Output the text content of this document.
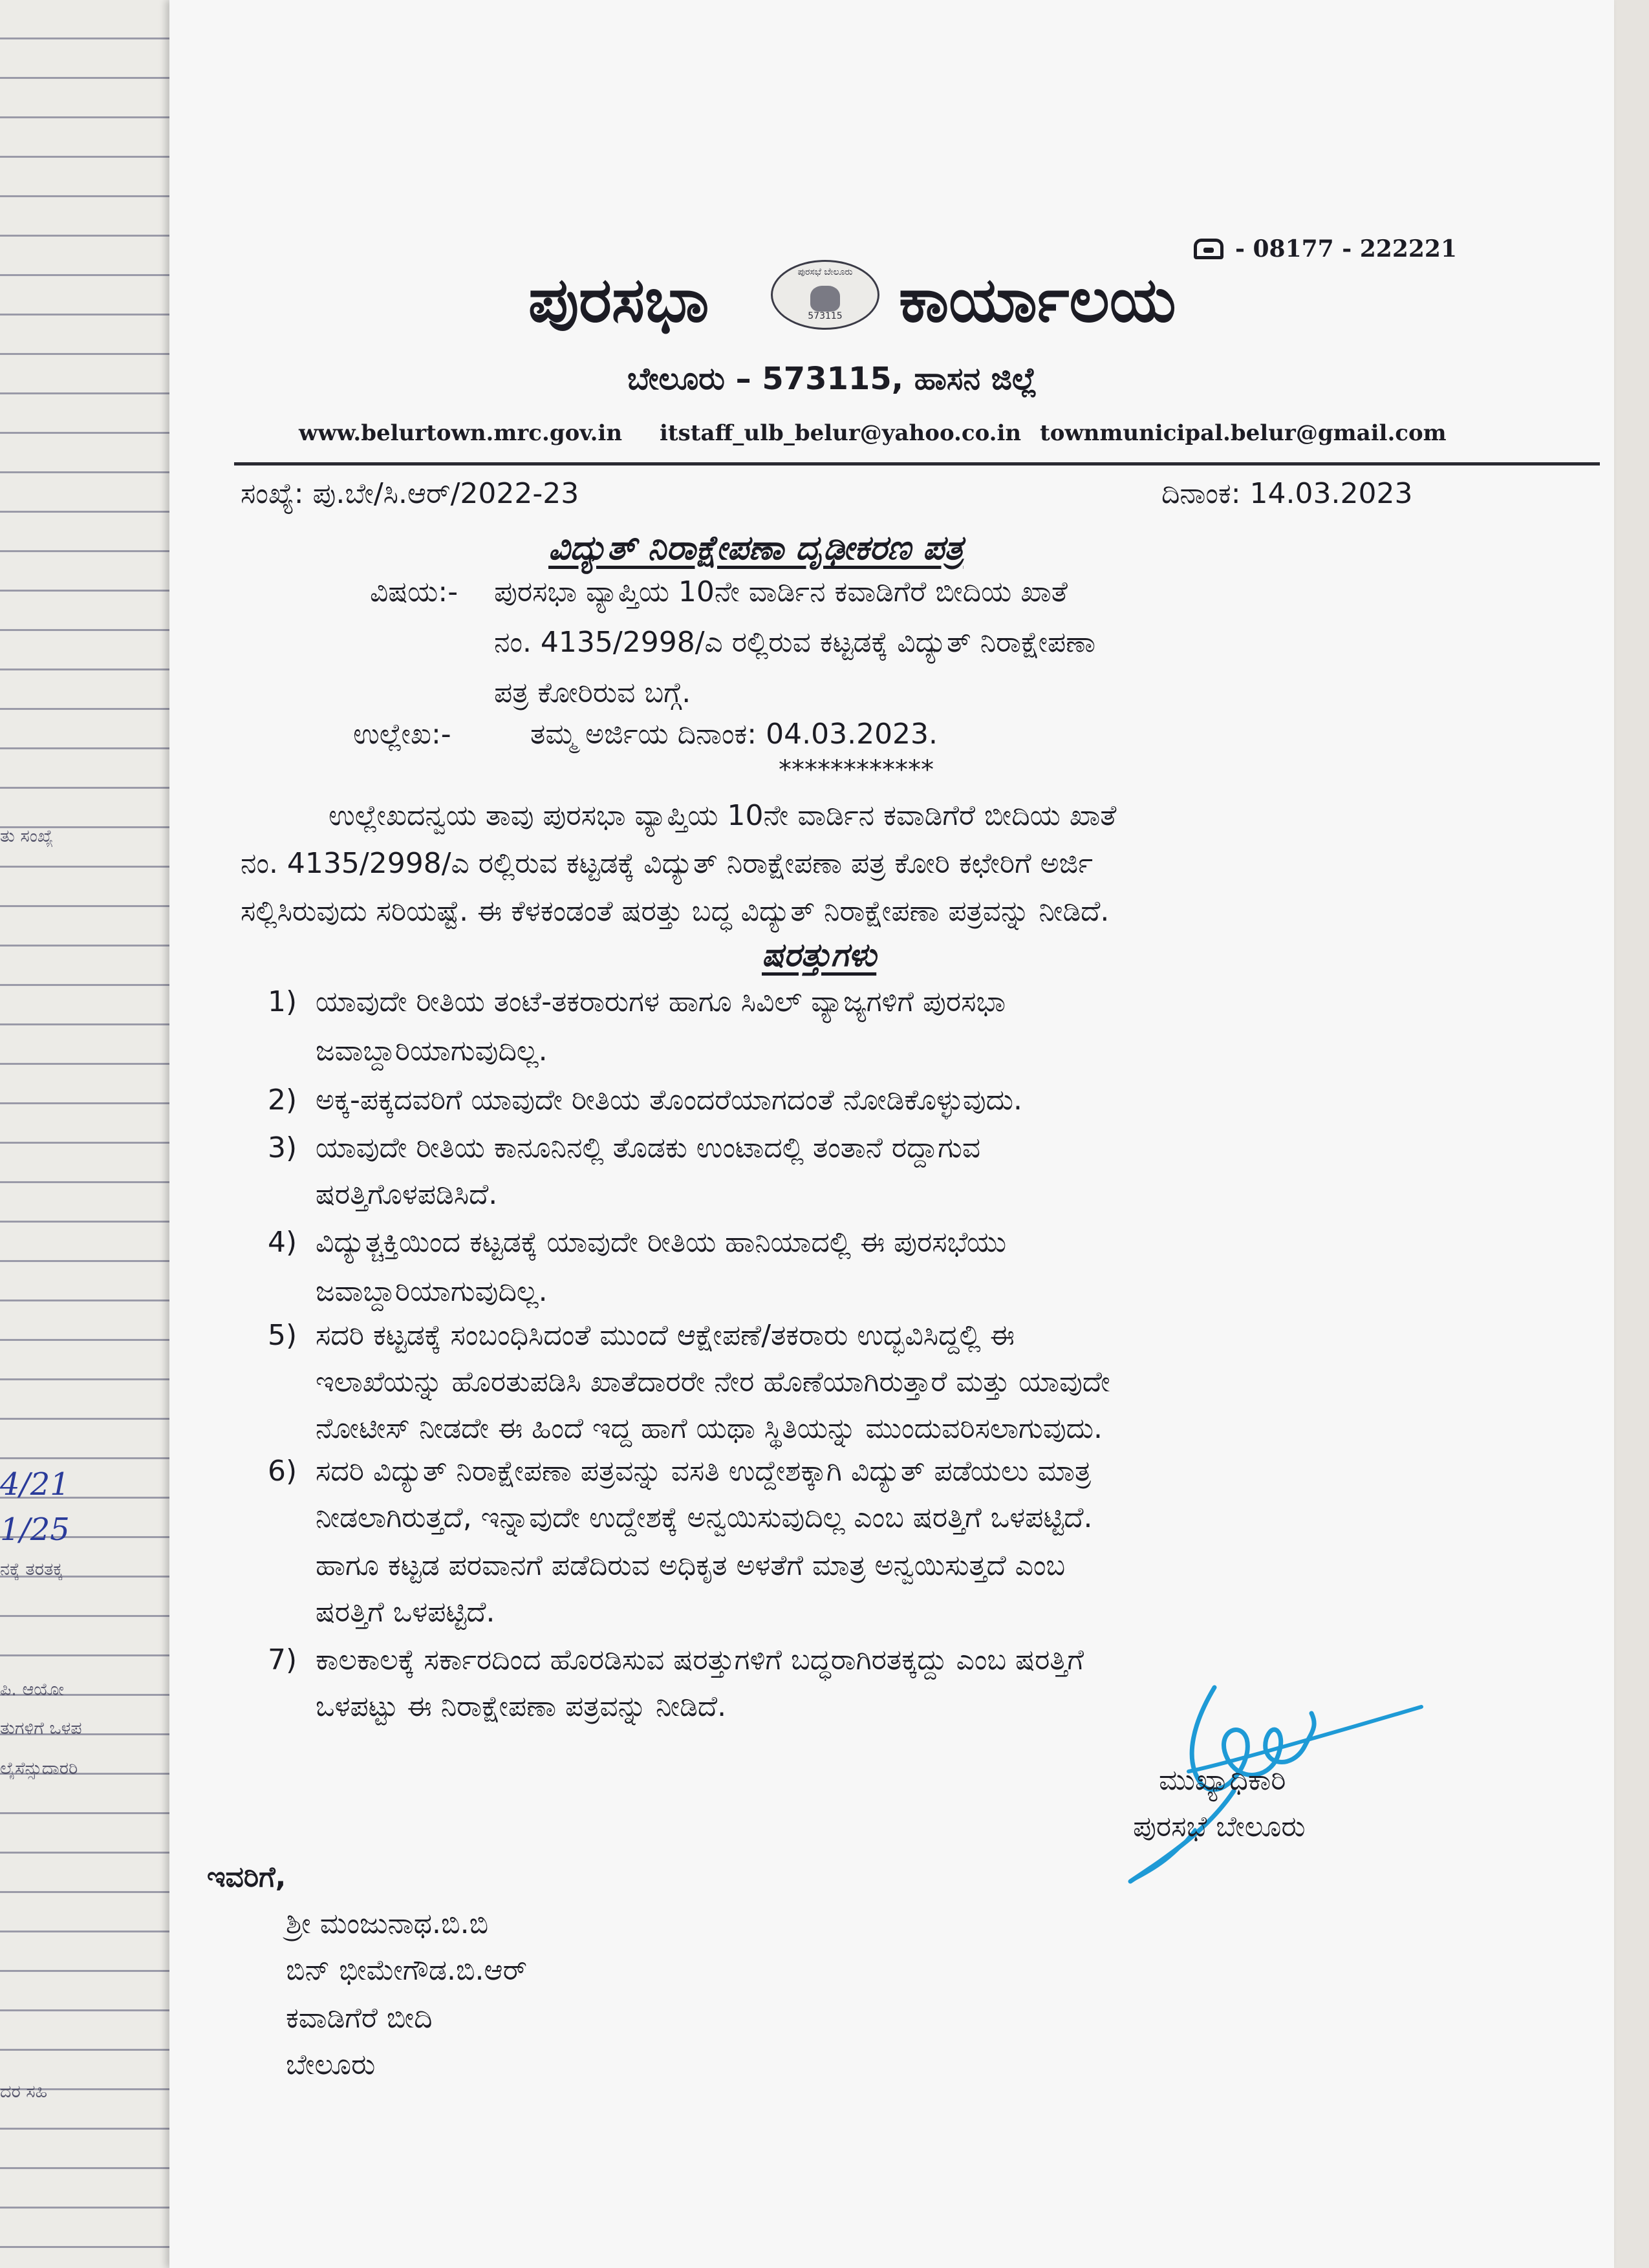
ತು ಸಂಖ್ಯೆ
4/21
1/25
ನಕ್ಕೆ ತರತಕ್ಕ
ಪಿ. ಆಯೋ
ತುಗಳಿಗೆ ಒಳಪ
ಲೈಸೆನ್ಸುದಾರರಿ
ದರ ಸಹಿ
- 08177 - 222221
ಪುರಸಭಾ	ಪುರಸಭೆ ಬೇಲೂರು
573115 ಕಾರ್ಯಾಲಯ
ಬೇಲೂರು – 573115, ಹಾಸನ ಜಿಲ್ಲೆ
www.belurtown.mrc.gov.in itstaff_ulb_belur@yahoo.co.in townmunicipal.belur@gmail.com
ಸಂಖ್ಯೆ: ಪು.ಬೇ/ಸಿ.ಆರ್/2022-23	ದಿನಾಂಕ: 14.03.2023
ವಿದ್ಯುತ್ ನಿರಾಕ್ಷೇಪಣಾ ದೃಢೀಕರಣ ಪತ್ರ
ವಿಷಯ:- ಪುರಸಭಾ ವ್ಯಾಪ್ತಿಯ 10ನೇ ವಾರ್ಡಿನ ಕವಾಡಿಗೆರೆ ಬೀದಿಯ ಖಾತೆ
ನಂ. 4135/2998/ಎ ರಲ್ಲಿರುವ ಕಟ್ಟಡಕ್ಕೆ ವಿದ್ಯುತ್ ನಿರಾಕ್ಷೇಪಣಾ
ಪತ್ರ ಕೋರಿರುವ ಬಗ್ಗೆ.
ಉಲ್ಲೇಖ:-	ತಮ್ಮ ಅರ್ಜಿಯ ದಿನಾಂಕ: 04.03.2023.
************
ಉಲ್ಲೇಖದನ್ವಯ ತಾವು ಪುರಸಭಾ ವ್ಯಾಪ್ತಿಯ 10ನೇ ವಾರ್ಡಿನ ಕವಾಡಿಗೆರೆ ಬೀದಿಯ ಖಾತೆ
ನಂ. 4135/2998/ಎ ರಲ್ಲಿರುವ ಕಟ್ಟಡಕ್ಕೆ ವಿದ್ಯುತ್ ನಿರಾಕ್ಷೇಪಣಾ ಪತ್ರ ಕೋರಿ ಕಛೇರಿಗೆ ಅರ್ಜಿ
ಸಲ್ಲಿಸಿರುವುದು ಸರಿಯಷ್ಟೆ. ಈ ಕೆಳಕಂಡಂತೆ ಷರತ್ತು ಬದ್ಧ ವಿದ್ಯುತ್ ನಿರಾಕ್ಷೇಪಣಾ ಪತ್ರವನ್ನು ನೀಡಿದೆ.
ಷರತ್ತುಗಳು
1) ಯಾವುದೇ ರೀತಿಯ ತಂಟೆ-ತಕರಾರುಗಳ ಹಾಗೂ ಸಿವಿಲ್ ವ್ಯಾಜ್ಯಗಳಿಗೆ ಪುರಸಭಾ
ಜವಾಬ್ದಾರಿಯಾಗುವುದಿಲ್ಲ.
2) ಅಕ್ಕ-ಪಕ್ಕದವರಿಗೆ ಯಾವುದೇ ರೀತಿಯ ತೊಂದರೆಯಾಗದಂತೆ ನೋಡಿಕೊಳ್ಳುವುದು.
3) ಯಾವುದೇ ರೀತಿಯ ಕಾನೂನಿನಲ್ಲಿ ತೊಡಕು ಉಂಟಾದಲ್ಲಿ ತಂತಾನೆ ರದ್ದಾಗುವ
ಷರತ್ತಿಗೊಳಪಡಿಸಿದೆ.
4) ವಿದ್ಯುತ್ಚಕ್ತಿಯಿಂದ ಕಟ್ಟಡಕ್ಕೆ ಯಾವುದೇ ರೀತಿಯ ಹಾನಿಯಾದಲ್ಲಿ ಈ ಪುರಸಭೆಯು
ಜವಾಬ್ದಾರಿಯಾಗುವುದಿಲ್ಲ.
5) ಸದರಿ ಕಟ್ಟಡಕ್ಕೆ ಸಂಬಂಧಿಸಿದಂತೆ ಮುಂದೆ ಆಕ್ಷೇಪಣೆ/ತಕರಾರು ಉದ್ಭವಿಸಿದ್ದಲ್ಲಿ ಈ
ಇಲಾಖೆಯನ್ನು ಹೊರತುಪಡಿಸಿ ಖಾತೆದಾರರೇ ನೇರ ಹೊಣೆಯಾಗಿರುತ್ತಾರೆ ಮತ್ತು ಯಾವುದೇ
ನೋಟೀಸ್ ನೀಡದೇ ಈ ಹಿಂದೆ ಇದ್ದ ಹಾಗೆ ಯಥಾ ಸ್ಥಿತಿಯನ್ನು ಮುಂದುವರಿಸಲಾಗುವುದು.
6) ಸದರಿ ವಿದ್ಯುತ್ ನಿರಾಕ್ಷೇಪಣಾ ಪತ್ರವನ್ನು ವಸತಿ ಉದ್ದೇಶಕ್ಕಾಗಿ ವಿದ್ಯುತ್ ಪಡೆಯಲು ಮಾತ್ರ
ನೀಡಲಾಗಿರುತ್ತದೆ, ಇನ್ನಾವುದೇ ಉದ್ದೇಶಕ್ಕೆ ಅನ್ವಯಿಸುವುದಿಲ್ಲ ಎಂಬ ಷರತ್ತಿಗೆ ಒಳಪಟ್ಟಿದೆ.
ಹಾಗೂ ಕಟ್ಟಡ ಪರವಾನಗೆ ಪಡೆದಿರುವ ಅಧಿಕೃತ ಅಳತೆಗೆ ಮಾತ್ರ ಅನ್ವಯಿಸುತ್ತದೆ ಎಂಬ
ಷರತ್ತಿಗೆ ಒಳಪಟ್ಟಿದೆ.
7) ಕಾಲಕಾಲಕ್ಕೆ ಸರ್ಕಾರದಿಂದ ಹೊರಡಿಸುವ ಷರತ್ತುಗಳಿಗೆ ಬದ್ಧರಾಗಿರತಕ್ಕದ್ದು ಎಂಬ ಷರತ್ತಿಗೆ
ಒಳಪಟ್ಟು ಈ ನಿರಾಕ್ಷೇಪಣಾ ಪತ್ರವನ್ನು ನೀಡಿದೆ.
ಮುಖ್ಯಾಧಿಕಾರಿ
ಪುರಸಭೆ ಬೇಲೂರು
ಇವರಿಗೆ,
ಶ್ರೀ ಮಂಜುನಾಥ.ಬಿ.ಬಿ
ಬಿನ್ ಭೀಮೇಗೌಡ.ಬಿ.ಆರ್
ಕವಾಡಿಗೆರೆ ಬೀದಿ
ಬೇಲೂರು
